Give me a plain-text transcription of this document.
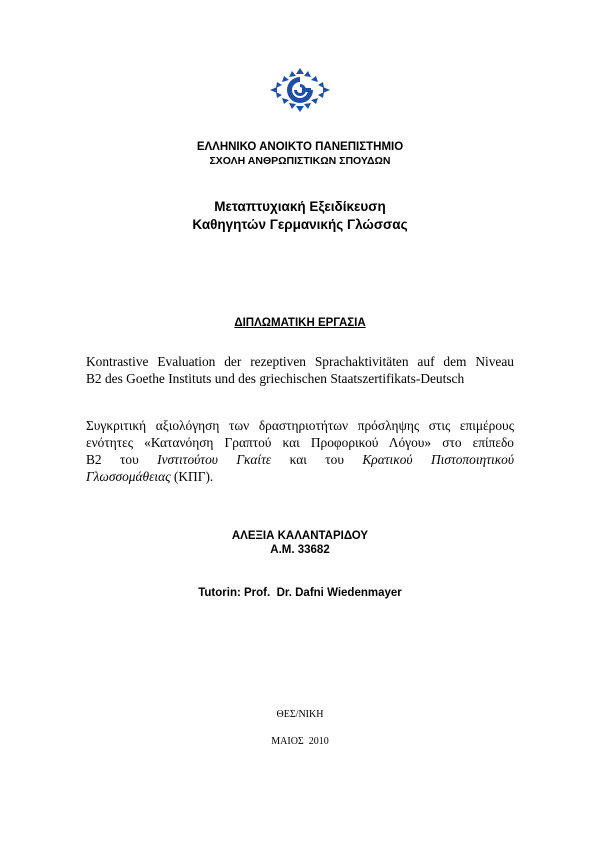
ΕΛΛΗΝΙΚΟ ΑΝΟΙΚΤΟ ΠΑΝΕΠΙΣΤΗΜΙΟ
ΣΧΟΛΗ ΑΝΘΡΩΠΙΣΤΙΚΩΝ ΣΠΟΥΔΩΝ
Μεταπτυχιακή Εξειδίκευση
Καθηγητών Γερμανικής Γλώσσας
ΔΙΠΛΩΜΑΤΙΚΗ ΕΡΓΑΣΙΑ
Kontrastive Evaluation der rezeptiven Sprachaktivitäten auf dem Niveau
B2 des Goethe Instituts und des griechischen Staatszertifikats-Deutsch
Συγκριτική αξιολόγηση των δραστηριοτήτων πρόσληψης στις επιμέρους
ενότητες «Κατανόηση Γραπτού και Προφορικού Λόγου» στο επίπεδο
B2 του Ινστιτούτου Γκαίτε και του Κρατικού Πιστοποιητικού
Γλωσσομάθειας (ΚΠΓ).
ΑΛΕΞΙΑ ΚΑΛΑΝΤΑΡΙΔΟΥ
Α.Μ. 33682
Tutorin: Prof.  Dr. Dafni Wiedenmayer
ΘΕΣ/ΝΙΚΗ
ΜΑΙΟΣ  2010
